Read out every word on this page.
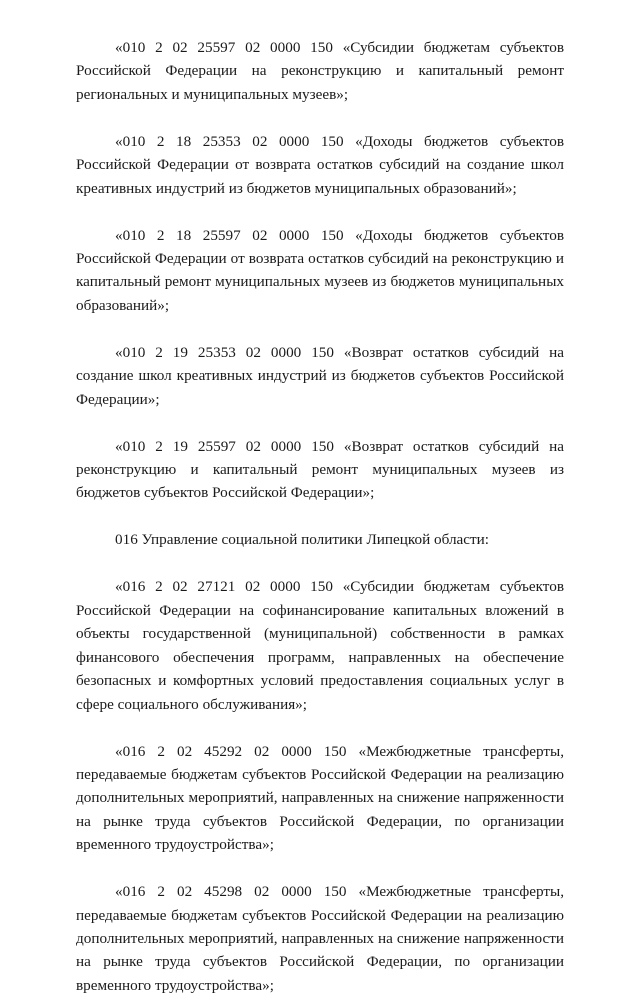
«010 2 02 25597 02 0000 150 «Субсидии бюджетам субъектов Российской Федерации на реконструкцию и капитальный ремонт региональных и муниципальных музеев»;

«010 2 18 25353 02 0000 150 «Доходы бюджетов субъектов Российской Федерации от возврата остатков субсидий на создание школ креативных индустрий из бюджетов муниципальных образований»;

«010 2 18 25597 02 0000 150 «Доходы бюджетов субъектов Российской Федерации от возврата остатков субсидий на реконструкцию и капитальный ремонт муниципальных музеев из бюджетов муниципальных образований»;

«010 2 19 25353 02 0000 150 «Возврат остатков субсидий на создание школ креативных индустрий из бюджетов субъектов Российской Федерации»;

«010 2 19 25597 02 0000 150 «Возврат остатков субсидий на реконструкцию и капитальный ремонт муниципальных музеев из бюджетов субъектов Российской Федерации»;

016 Управление социальной политики Липецкой области:

«016 2 02 27121 02 0000 150 «Субсидии бюджетам субъектов Российской Федерации на софинансирование капитальных вложений в объекты государственной (муниципальной) собственности в рамках финансового обеспечения программ, направленных на обеспечение безопасных и комфортных условий предоставления социальных услуг в сфере социального обслуживания»;

«016 2 02 45292 02 0000 150 «Межбюджетные трансферты, передаваемые бюджетам субъектов Российской Федерации на реализацию дополнительных мероприятий, направленных на снижение напряженности на рынке труда субъектов Российской Федерации, по организации временного трудоустройства»;

«016 2 02 45298 02 0000 150 «Межбюджетные трансферты, передаваемые бюджетам субъектов Российской Федерации на реализацию дополнительных мероприятий, направленных на снижение напряженности на рынке труда субъектов Российской Федерации, по организации временного трудоустройства»;
